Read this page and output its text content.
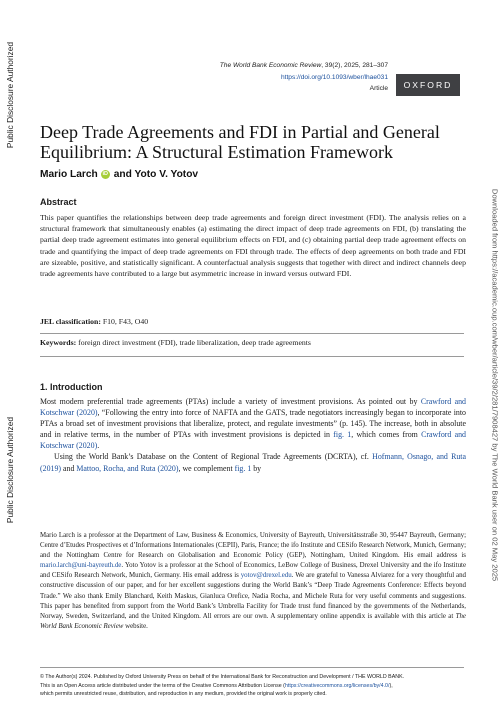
Public Disclosure Authorized
Public Disclosure Authorized	Downloaded from https://academic.oup.com/wber/article/39/2/281/7908427 by The World Bank user on 02 May 2025
The World Bank Economic Review, 39(2), 2025, 281–307
https://doi.org/10.1093/wber/lhae031
Article	OXFORD
Deep Trade Agreements and FDI in Partial and General Equilibrium: A Structural Estimation Framework
Mario Larch iD and Yoto V. Yotov
Abstract

This paper quantifies the relationships between deep trade agreements and foreign direct investment (FDI). The analysis relies on a structural framework that simultaneously enables (a) estimating the direct impact of deep trade agreements on FDI, (b) translating the partial deep trade agreement estimates into general equilibrium effects on FDI, and (c) obtaining partial deep trade agreement effects on trade and quantifying the impact of deep trade agreements on FDI through trade. The effects of deep agreements on both trade and FDI are sizeable, positive, and statistically significant. A counterfactual analysis suggests that together with direct and indirect channels deep trade agreements have contributed to a large but asymmetric increase in inward versus outward FDI.

JEL classification: F10, F43, O40
Keywords: foreign direct investment (FDI), trade liberalization, deep trade agreements
1. Introduction

Most modern preferential trade agreements (PTAs) include a variety of investment provisions. As pointed out by Crawford and Kotschwar (2020), “Following the entry into force of NAFTA and the GATS, trade negotiators increasingly began to incorporate into PTAs a broad set of investment provisions that liberalize, protect, and regulate investments” (p. 145). The increase, both in absolute and in relative terms, in the number of PTAs with investment provisions is depicted in fig. 1, which comes from Crawford and Kotschwar (2020).

Using the World Bank’s Database on the Content of Regional Trade Agreements (DCRTA), cf. Hofmann, Osnago, and Ruta (2019) and Mattoo, Rocha, and Ruta (2020), we complement fig. 1 by

Mario Larch is a professor at the Department of Law, Business & Economics, University of Bayreuth, Universitätsstraße 30, 95447 Bayreuth, Germany; Centre d’Etudes Prospectives et d’Informations Internationales (CEPII), Paris, France; the ifo Institute and CESifo Research Network, Munich, Germany; and the Nottingham Centre for Research on Globalisation and Economic Policy (GEP), Nottingham, United Kingdom. His email address is mario.larch@uni-bayreuth.de. Yoto Yotov is a professor at the School of Economics, LeBow College of Business, Drexel University and the ifo Institute and CESifo Research Network, Munich, Germany. His email address is yotov@drexel.edu. We are grateful to Vanessa Alviarez for a very thoughtful and constructive discussion of our paper, and for her excellent suggestions during the World Bank’s “Deep Trade Agreements Conference: Effects beyond Trade.” We also thank Emily Blanchard, Keith Maskus, Gianluca Orefice, Nadia Rocha, and Michele Ruta for very useful comments and suggestions. This paper has benefited from support from the World Bank’s Umbrella Facility for Trade trust fund financed by the governments of the Netherlands, Norway, Sweden, Switzerland, and the United Kingdom. All errors are our own. A supplementary online appendix is available with this article at The World Bank Economic Review website.

© The Author(s) 2024. Published by Oxford University Press on behalf of the International Bank for Reconstruction and Development / THE WORLD BANK.
This is an Open Access article distributed under the terms of the Creative Commons Attribution License (https://creativecommons.org/licenses/by/4.0/),
which permits unrestricted reuse, distribution, and reproduction in any medium, provided the original work is properly cited.
